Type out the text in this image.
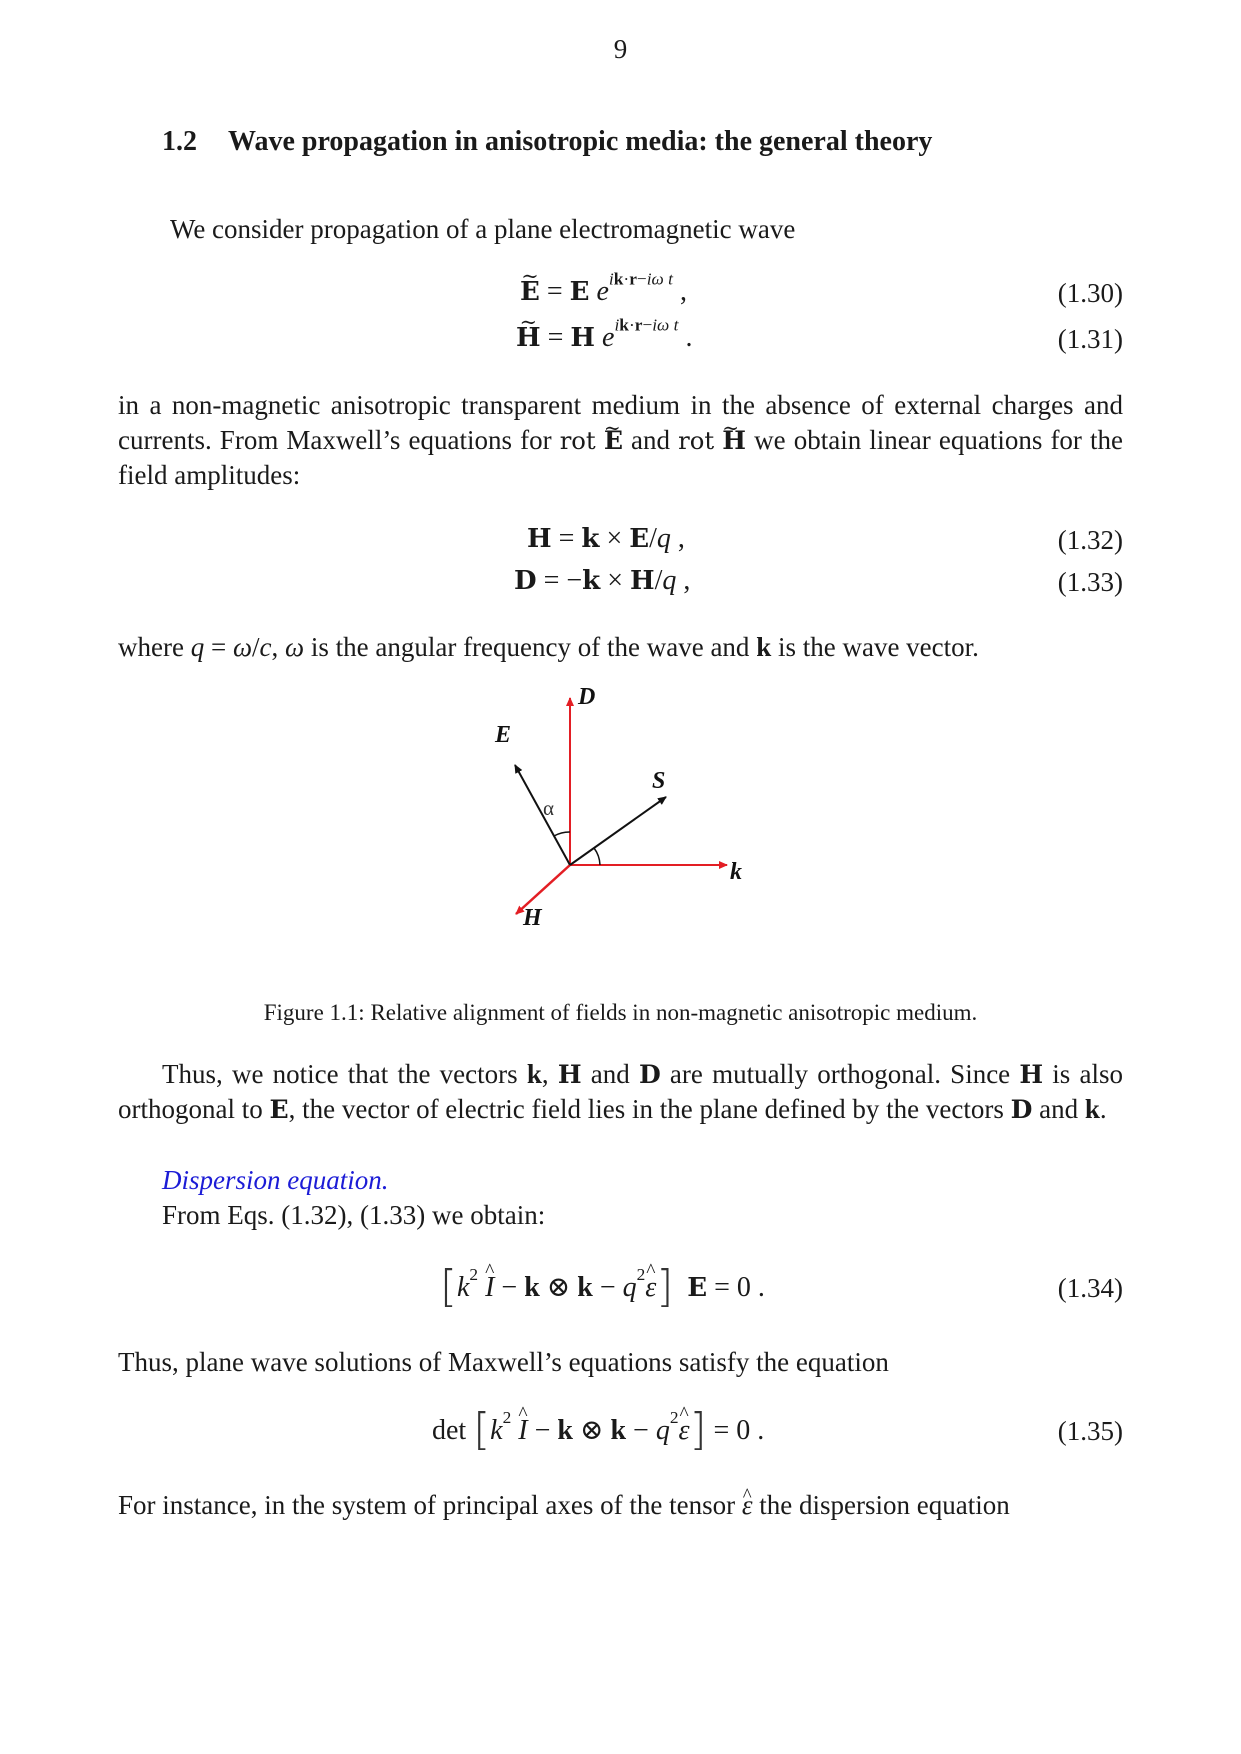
9
1.2 Wave propagation in anisotropic media: the general theory
We consider propagation of a plane electromagnetic wave
~ E = E $e^{ik\cdot r-i\omega t}$ ,	(1.30)
~ H = H $e^{ik\cdot r-i\omega t}$ .	(1.31)
in a non-magnetic anisotropic transparent medium in the absence of external charges and currents. From Maxwell’s equations for rot ~ E and rot ~ H we obtain linear equations for the field amplitudes:
H = k × E/q ,	(1.32)
D = −k × H/q ,	(1.33)
where q = ω/c, ω is the angular frequency of the wave and k is the wave vector.
D
E
S
k
H
α
Figure 1.1: Relative alignment of fields in non-magnetic anisotropic medium.
Thus, we notice that the vectors k, H and D are mutually orthogonal. Since H is also orthogonal to E, the vector of electric field lies in the plane defined by the vectors D and k.
Dispersion equation.
From Eqs. (1.32), (1.33) we obtain:
[$k^2$ ^ I − k ⊗ $k - q^2\^{}$ ε] E = 0 .	(1.34)
Thus, plane wave solutions of Maxwell’s equations satisfy the equation
$\det [k^2$ ^ I − k ⊗ $k - q^2\^{}$ ε] = 0 .	(1.35)
For instance, in the system of principal axes of the tensor ^ ε the dispersion equation
